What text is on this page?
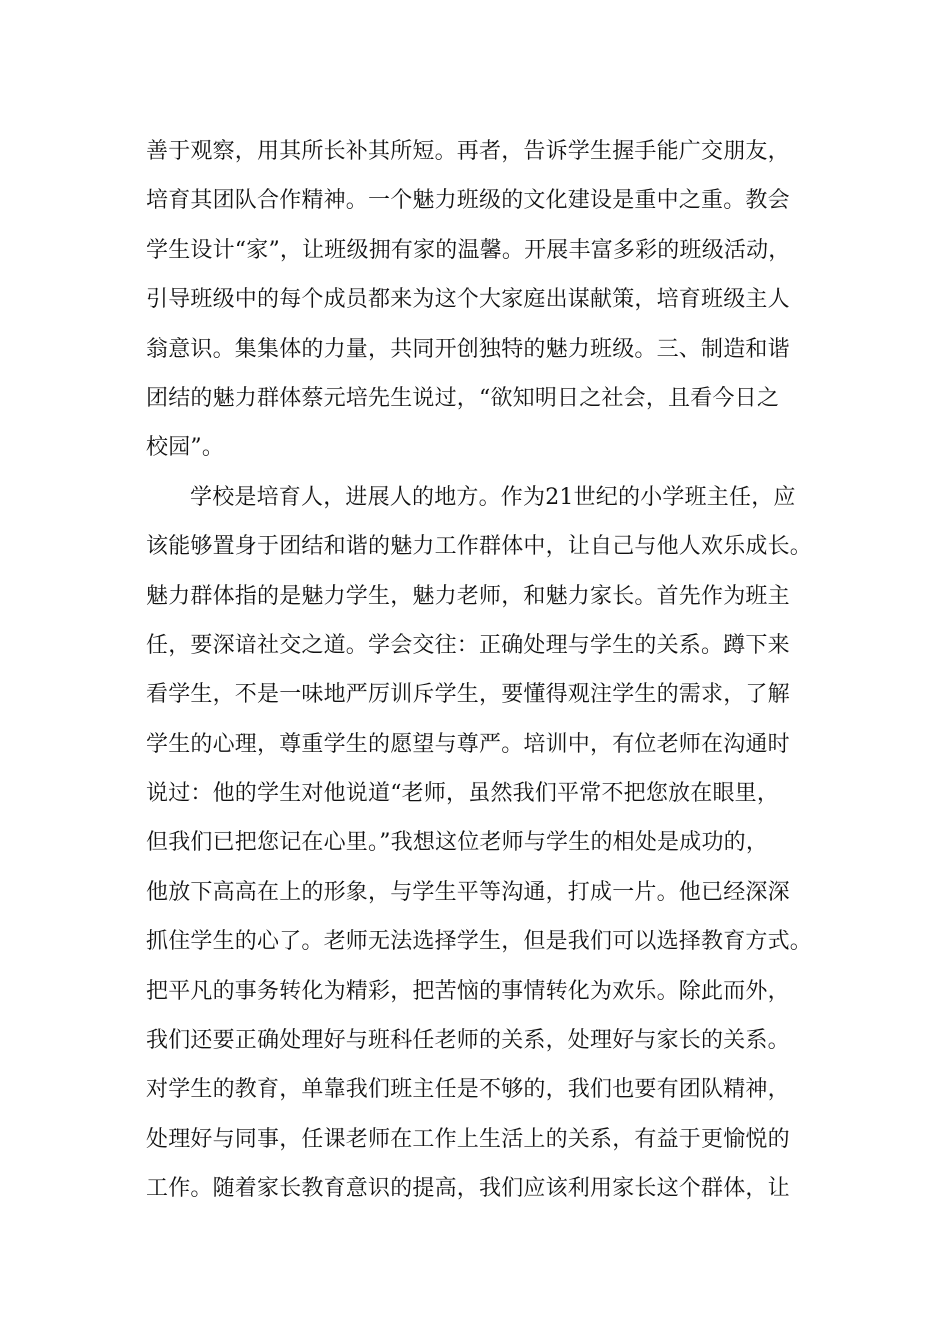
善于观察，用其所长补其所短。再者，告诉学生握手能广交朋友，
培育其团队合作精神。一个魅力班级的文化建设是重中之重。教会
学生设计“家”，让班级拥有家的温馨。开展丰富多彩的班级活动，
引导班级中的每个成员都来为这个大家庭出谋献策，培育班级主人
翁意识。集集体的力量，共同开创独特的魅力班级。三、制造和谐
团结的魅力群体蔡元培先生说过，“欲知明日之社会，且看今日之
校园”。
学校是培育人，进展人的地方。作为21世纪的小学班主任，应
该能够置身于团结和谐的魅力工作群体中，让自己与他人欢乐成长。
魅力群体指的是魅力学生，魅力老师，和魅力家长。首先作为班主
任，要深谙社交之道。学会交往：正确处理与学生的关系。蹲下来
看学生，不是一味地严厉训斥学生，要懂得观注学生的需求，了解
学生的心理，尊重学生的愿望与尊严。培训中，有位老师在沟通时
说过：他的学生对他说道“老师，虽然我们平常不把您放在眼里，
但我们已把您记在心里。”我想这位老师与学生的相处是成功的，
他放下高高在上的形象，与学生平等沟通，打成一片。他已经深深
抓住学生的心了。老师无法选择学生，但是我们可以选择教育方式。
把平凡的事务转化为精彩，把苦恼的事情转化为欢乐。除此而外，
我们还要正确处理好与班科任老师的关系，处理好与家长的关系。
对学生的教育，单靠我们班主任是不够的，我们也要有团队精神，
处理好与同事，任课老师在工作上生活上的关系，有益于更愉悦的
工作。随着家长教育意识的提高，我们应该利用家长这个群体，让
